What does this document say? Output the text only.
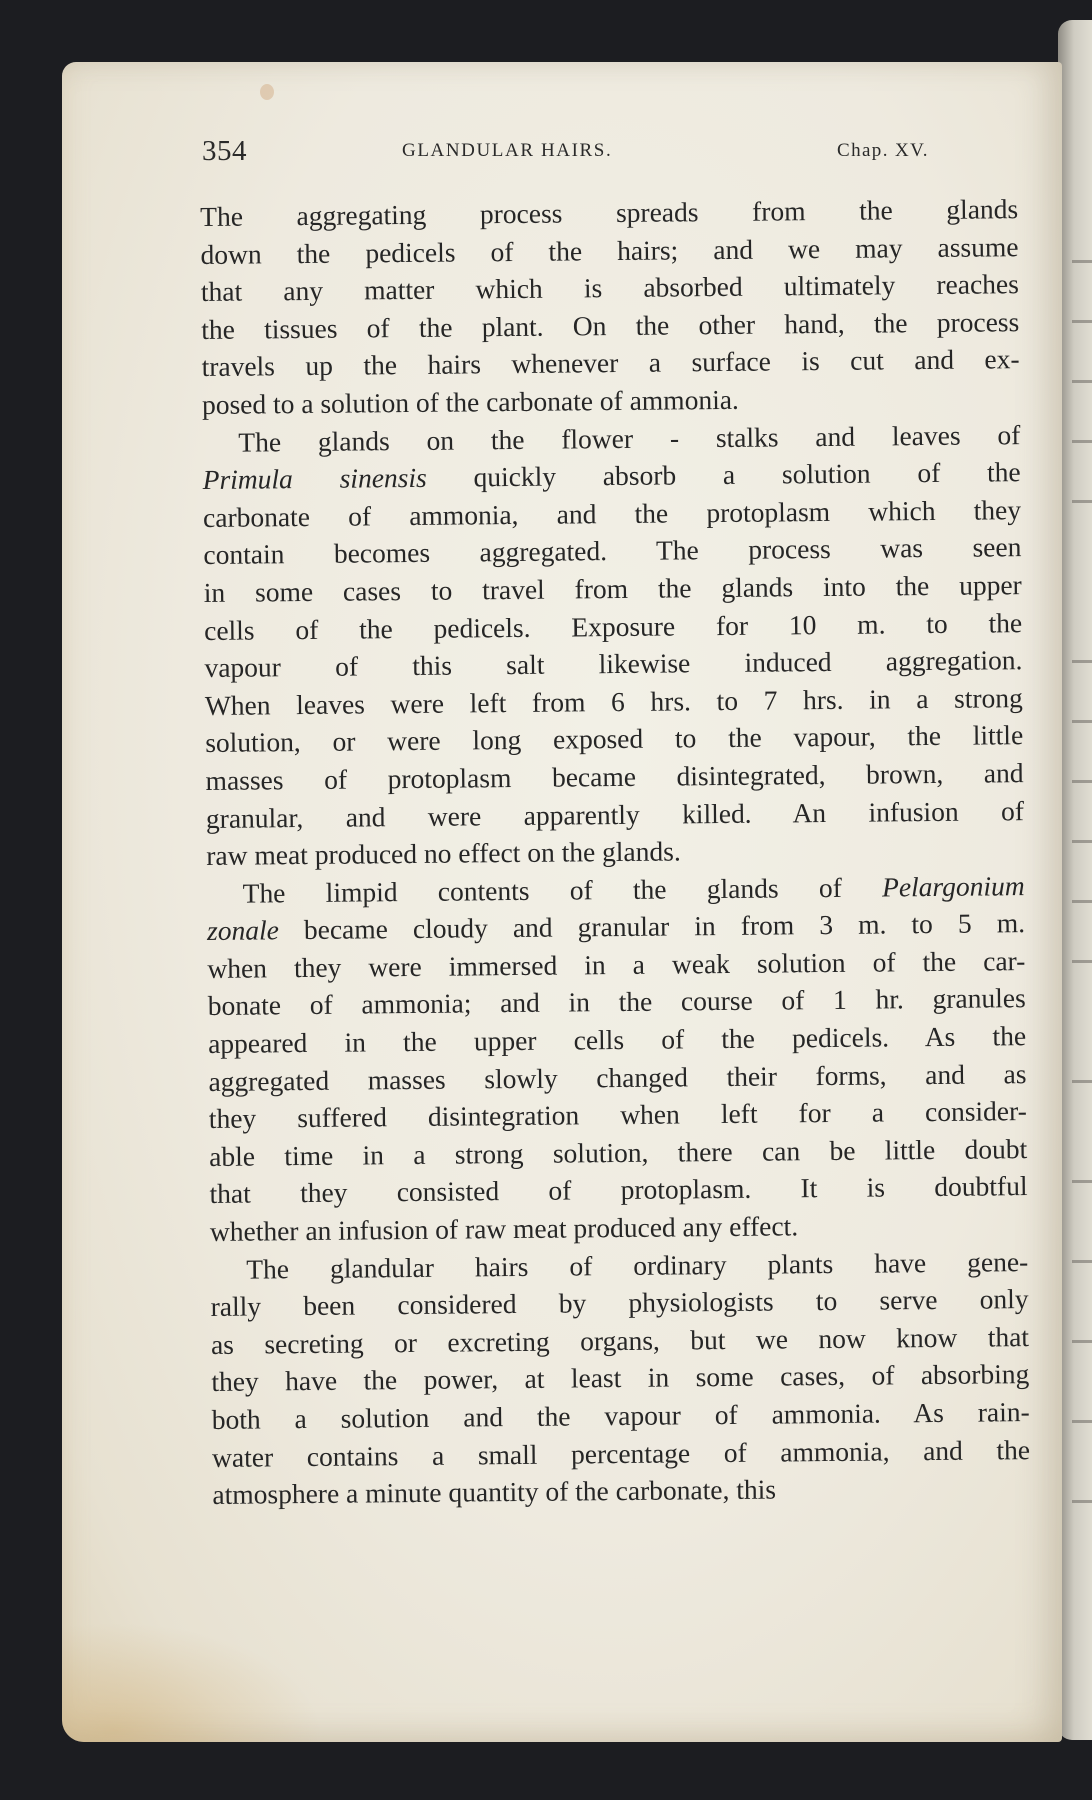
354	GLANDULAR HAIRS.	Chap. XV.
The aggregating process spreads from the glands
down the pedicels of the hairs; and we may assume
that any matter which is absorbed ultimately reaches
the tissues of the plant. On the other hand, the process
travels up the hairs whenever a surface is cut and ex-
posed to a solution of the carbonate of ammonia.
The glands on the flower - stalks and leaves of
Primula sinensis quickly absorb a solution of the
carbonate of ammonia, and the protoplasm which they
contain becomes aggregated. The process was seen
in some cases to travel from the glands into the upper
cells of the pedicels. Exposure for 10 m. to the
vapour of this salt likewise induced aggregation.
When leaves were left from 6 hrs. to 7 hrs. in a strong
solution, or were long exposed to the vapour, the little
masses of protoplasm became disintegrated, brown, and
granular, and were apparently killed. An infusion of
raw meat produced no effect on the glands.
The limpid contents of the glands of Pelargonium
zonale became cloudy and granular in from 3 m. to 5 m.
when they were immersed in a weak solution of the car-
bonate of ammonia; and in the course of 1 hr. granules
appeared in the upper cells of the pedicels. As the
aggregated masses slowly changed their forms, and as
they suffered disintegration when left for a consider-
able time in a strong solution, there can be little doubt
that they consisted of protoplasm. It is doubtful
whether an infusion of raw meat produced any effect.
The glandular hairs of ordinary plants have gene-
rally been considered by physiologists to serve only
as secreting or excreting organs, but we now know that
they have the power, at least in some cases, of absorbing
both a solution and the vapour of ammonia. As rain-
water contains a small percentage of ammonia, and the
atmosphere a minute quantity of the carbonate, this
